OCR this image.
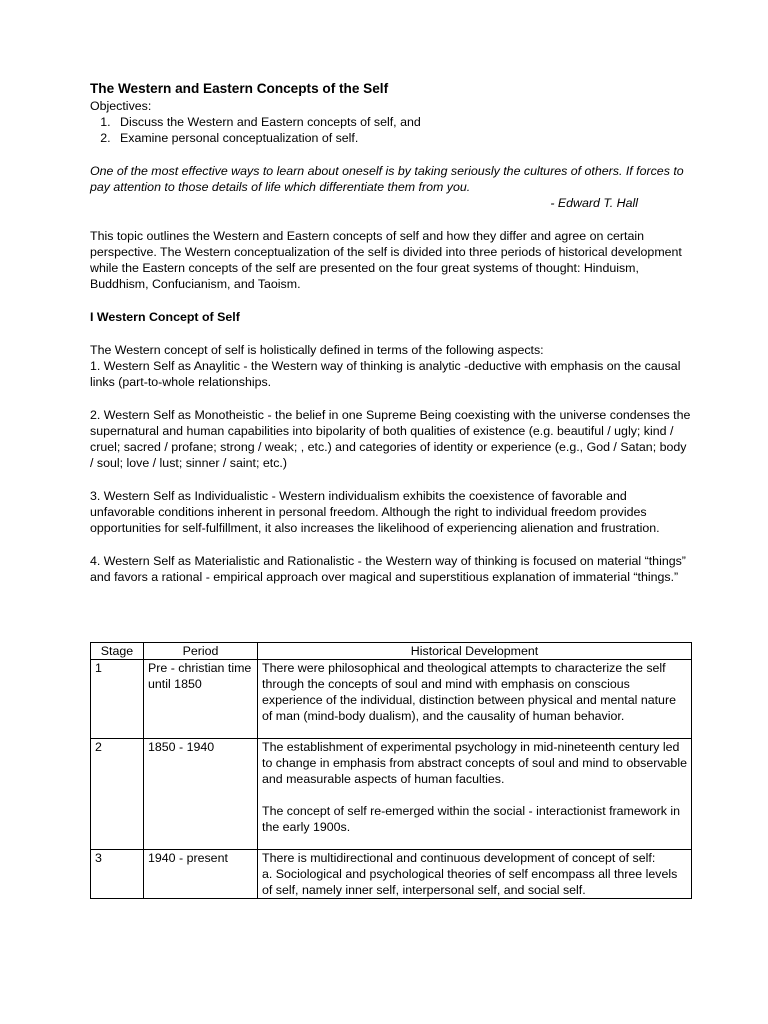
The Western and Eastern Concepts of the Self

Objectives:

1. Discuss the Western and Eastern concepts of self, and
2. Examine personal conceptualization of self.

One of the most effective ways to learn about oneself is by taking seriously the cultures of others. If forces to pay attention to those details of life which differentiate them from you.

- Edward T. Hall

This topic outlines the Western and Eastern concepts of self and how they differ and agree on certain perspective. The Western conceptualization of the self is divided into three periods of historical development while the Eastern concepts of the self are presented on the four great systems of thought: Hinduism, Buddhism, Confucianism, and Taoism.

I Western Concept of Self

The Western concept of self is holistically defined in terms of the following aspects:

1. Western Self as Anaylitic - the Western way of thinking is analytic -deductive with emphasis on the causal links (part-to-whole relationships.

2. Western Self as Monotheistic - the belief in one Supreme Being coexisting with the universe condenses the supernatural and human capabilities into bipolarity of both qualities of existence (e.g. beautiful / ugly; kind / cruel; sacred / profane; strong / weak; , etc.) and categories of identity or experience (e.g., God / Satan; body / soul; love / lust; sinner / saint; etc.)

3. Western Self as Individualistic - Western individualism exhibits the coexistence of favorable and unfavorable conditions inherent in personal freedom. Although the right to individual freedom provides opportunities for self-fulfillment, it also increases the likelihood of experiencing alienation and frustration.

4. Western Self as Materialistic and Rationalistic - the Western way of thinking is focused on material “things” and favors a rational - empirical approach over magical and superstitious explanation of immaterial “things.”

Stage	Period	Historical Development
1	Pre - christian time until 1850	There were philosophical and theological attempts to characterize the self through the concepts of soul and mind with emphasis on conscious experience of the individual, distinction between physical and mental nature of man (mind-body dualism), and the causality of human behavior.

2	1850 - 1940	The establishment of experimental psychology in mid-nineteenth century led to change in emphasis from abstract concepts of soul and mind to observable and measurable aspects of human faculties.
The concept of self re-emerged within the social - interactionist framework in the early 1900s.

3	1940 - present	There is multidirectional and continuous development of concept of self:
a. Sociological and psychological theories of self encompass all three levels of self, namely inner self, interpersonal self, and social self.
